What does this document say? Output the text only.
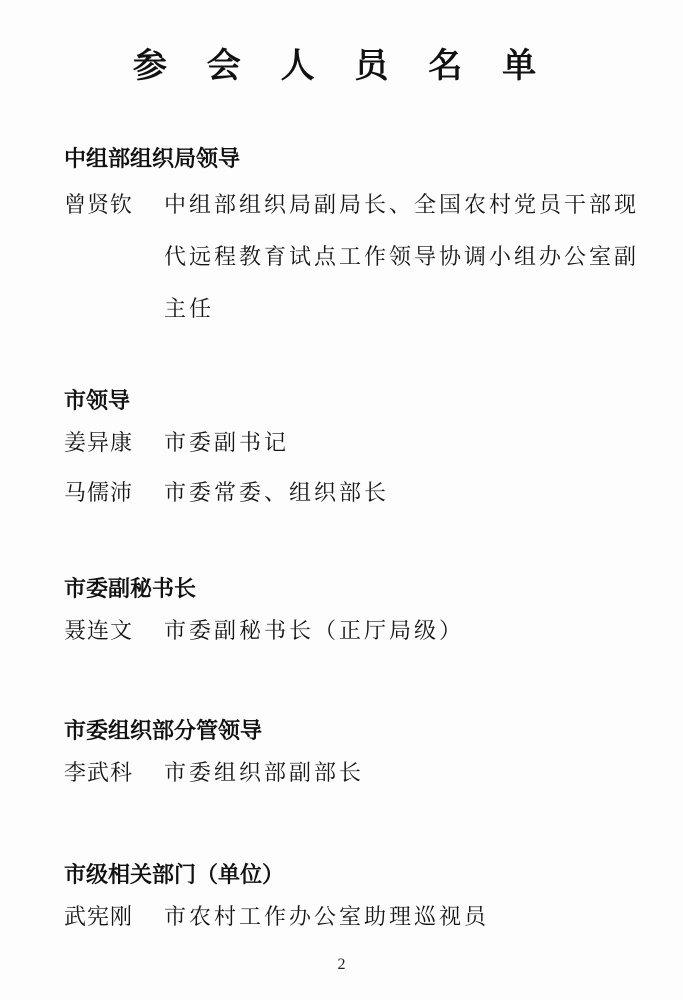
参 会 人 员 名 单
中组部组织局领导
曾贤钦	中组部组织局副局长、全国农村党员干部现代远程教育试点工作领导协调小组办公室副主任
市领导
姜异康	市委副书记
马儒沛	市委常委、组织部长
市委副秘书长
聂连文	市委副秘书长（正厅局级）
市委组织部分管领导
李武科	市委组织部副部长
市级相关部门（单位）
武宪刚	市农村工作办公室助理巡视员
2
